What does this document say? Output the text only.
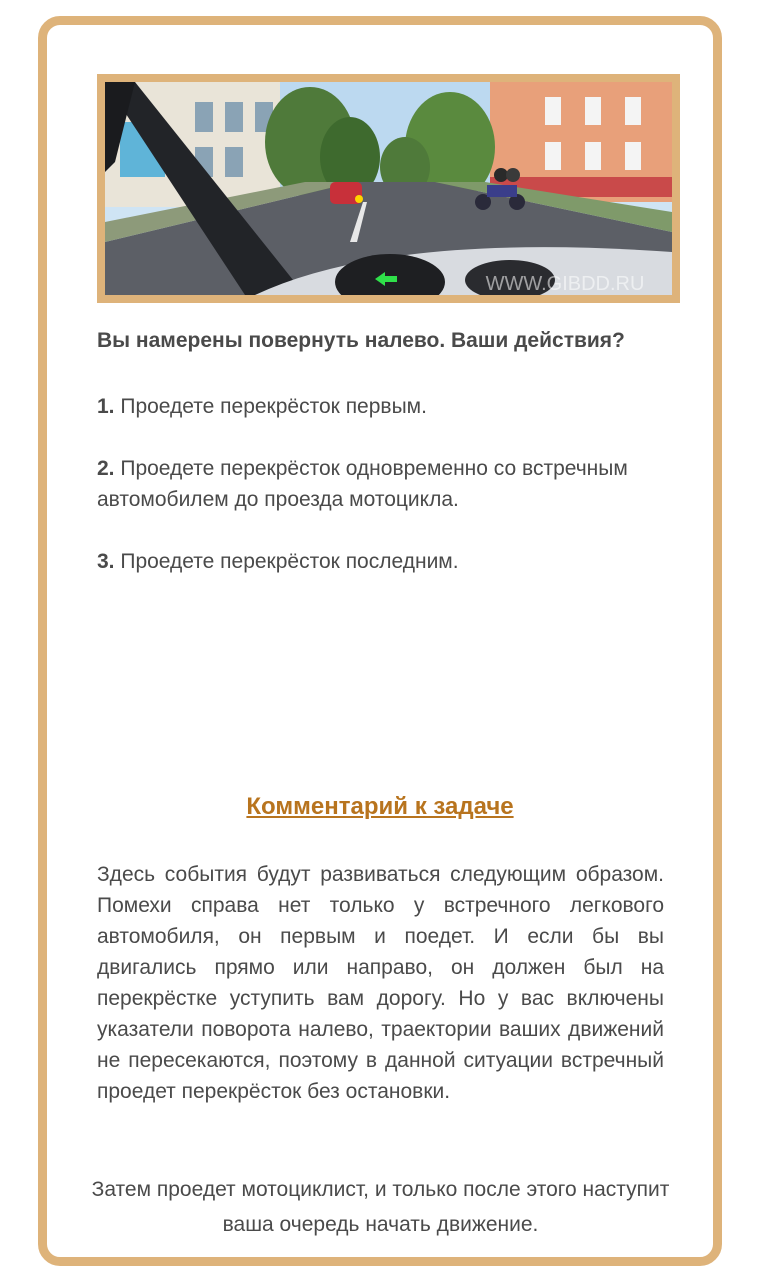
WWW.GIBDD.RU

Вы намерены повернуть налево. Ваши действия?

1. Проедете перекрёсток первым.

2. Проедете перекрёсток одновременно со встречным автомобилем до проезда мотоцикла.

3. Проедете перекрёсток последним.

Комментарий к задаче

Здесь события будут развиваться следующим образом. Помехи справа нет только у встречного легкового автомобиля, он первым и поедет. И если бы вы двигались прямо или направо, он должен был на перекрёстке уступить вам дорогу. Но у вас включены указатели поворота налево, траектории ваших движений не пересекаются, поэтому в данной ситуации встречный проедет перекрёсток без остановки.

Затем проедет мотоциклист, и только после этого наступит ваша очередь начать движение.
